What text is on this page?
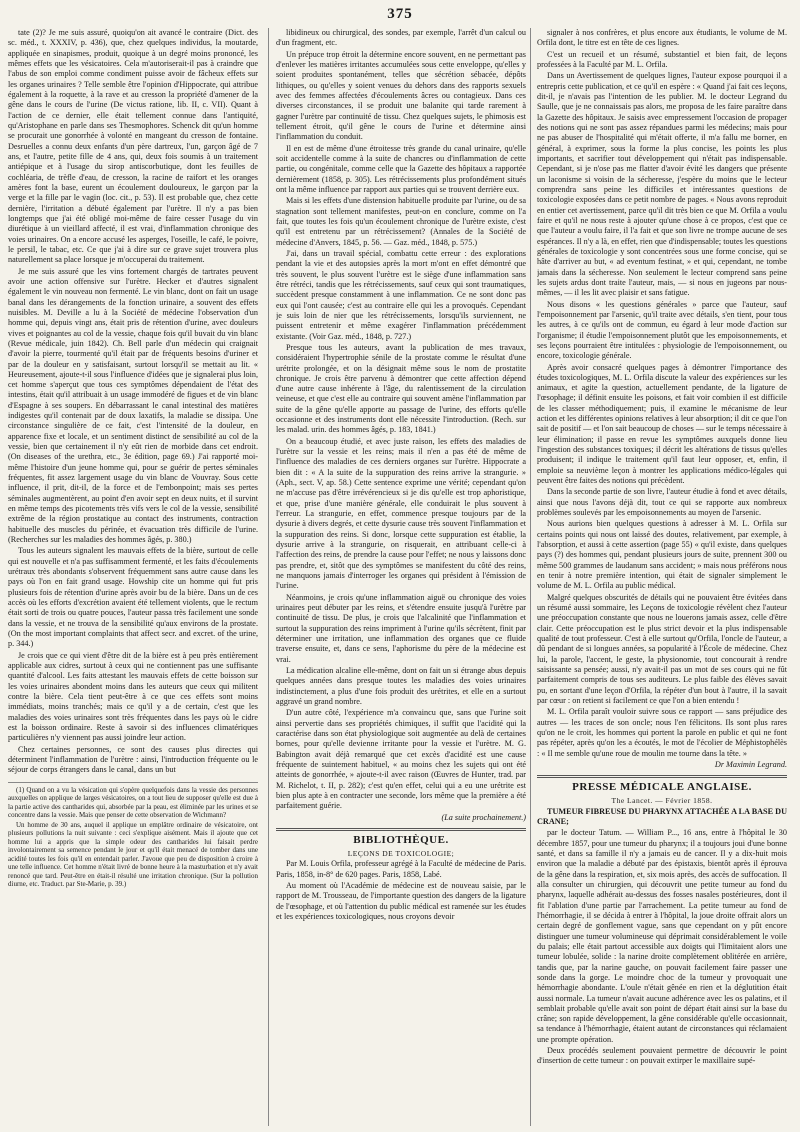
375

tate (2)? Je me suis assuré, quoiqu'on ait avancé le contraire (Dict. des sc. méd., t. XXXIV, p. 436), que, chez quelques individus, la moutarde, appliquée en sinapismes, produit, quoique à un degré moins prononcé, les mêmes effets que les vésicatoires. Cela m'autoriserait-il pas à craindre que l'abus de son emploi comme condiment puisse avoir de fâcheux effets sur les organes urinaires ? Telle semble être l'opinion d'Hippocrate, qui attribue également à la roquette, à la rave et au cresson la propriété d'amener de la gêne dans le cours de l'urine (De victus ratione, lib. II, c. VII). Quant à l'action de ce dernier, elle était tellement connue dans l'antiquité, qu'Aristophane en parle dans ses Thesmophores. Schenck dit qu'un homme se procurait une gonorrhée à volonté en mangeant du cresson de fontaine. Desruelles a connu deux enfants d'un père dartreux, l'un, garçon âgé de 7 ans, et l'autre, petite fille de 4 ans, qui, deux fois soumis à un traitement antiépique et à l'usage du sirop antiscorbutique, dont les feuilles de cochléaria, de trèfle d'eau, de cresson, la racine de raifort et les oranges amères font la base, eurent un écoulement douloureux, le garçon par la verge et la fille par le vagin (loc. cit., p. 53). Il est probable que, chez cette dernière, l'irritation a débuté également par l'urètre. Il n'y a pas bien longtemps que j'ai été obligé moi-même de faire cesser l'usage du vin diurétique à un vieillard affecté, il est vrai, d'inflammation chronique des voies urinaires. On a encore accusé les asperges, l'oseille, le café, le poivre, le persil, le tabac, etc. Ce que j'ai à dire sur ce grave sujet trouvera plus naturellement sa place lorsque je m'occuperai du traitement.

Je me suis assuré que les vins fortement chargés de tartrates peuvent avoir une action offensive sur l'urètre. Hecker et d'autres signalent également le vin nouveau non fermenté. Le vin blanc, dont on fait un usage banal dans les dérangements de la fonction urinaire, a souvent des effets nuisibles. M. Deville a lu à la Société de médecine l'observation d'un homme qui, depuis vingt ans, était pris de rétention d'urine, avec douleurs vives et poignantes au col de la vessie, chaque fois qu'il buvait du vin blanc (Revue médicale, juin 1842). Ch. Bell parle d'un médecin qui craignait d'avoir la pierre, tourmenté qu'il était par de fréquents besoins d'uriner et par de la douleur en y satisfaisant, surtout lorsqu'il se mettait au lit. « Heureusement, ajoute-t-il sous l'influence d'idées que je signalerai plus loin, cet homme s'aperçut que tous ces symptômes dépendaient de l'état des intestins, était qu'il attribuait à un usage immodéré de figues et de vin blanc d'Espagne à ses soupers. En débarrassant le canal intestinal des matières indigestes qu'il contenait par de doux laxatifs, la maladie se dissipa. Une circonstance singulière de ce fait, c'est l'intensité de la douleur, en apparence fixe et locale, et un sentiment distinct de sensibilité au col de la vessie, bien que certainement il n'y eût rien de morbide dans cet endroit. (On diseases of the urethra, etc., 3e édition, page 69.) J'ai rapporté moi-même l'histoire d'un jeune homme qui, pour se guérir de pertes séminales fréquentes, fit assez largement usage du vin blanc de Vouvray. Sous cette influence, il prit, dit-il, de la force et de l'embonpoint; mais ses pertes séminales augmentèrent, au point d'en avoir sept en deux nuits, et il survint en même temps des picotements très vifs vers le col de la vessie, sensibilité extrême de la région prostatique au contact des instruments, contraction habituelle des muscles du périnée, et évacuation très difficile de l'urine. (Recherches sur les maladies des hommes âgés, p. 380.)

Tous les auteurs signalent les mauvais effets de la bière, surtout de celle qui est nouvelle et n'a pas suffisamment fermenté, et les faits d'écoulements urétraux très abondants s'observent fréquemment sans autre cause dans les pays où l'on en fait grand usage. Howship cite un homme qui fut pris plusieurs fois de rétention d'urine après avoir bu de la bière. Dans un de ces accès où les efforts d'excrétion avaient été tellement violents, que le rectum était sorti de trois ou quatre pouces, l'auteur passa très facilement une sonde dans la vessie, et ne trouva de la sensibilité qu'aux environs de la prostate. (On the most important complaints that affect secr. and excret. of the urine, p. 344.)

Je crois que ce qui vient d'être dit de la bière est à peu près entièrement applicable aux cidres, surtout à ceux qui ne contiennent pas une suffisante quantité d'alcool. Les faits attestant les mauvais effets de cette boisson sur les voies urinaires abondent moins dans les auteurs que ceux qui militent contre la bière. Cela tient peut-être à ce que ces effets sont moins immédiats, moins tranchés; mais ce qu'il y a de certain, c'est que les maladies des voies urinaires sont très fréquentes dans les pays où le cidre est la boisson ordinaire. Reste à savoir si des influences climatériques particulières n'y viennent pas aussi joindre leur action.

Chez certaines personnes, ce sont des causes plus directes qui déterminent l'inflammation de l'urètre : ainsi, l'introduction fréquente ou le séjour de corps étrangers dans le canal, dans un but

(1) Quand on a vu la vésication qui s'opère quelquefois dans la vessie des personnes auxquelles on applique de larges vésicatoires, on a tout lieu de supposer qu'elle est due à la partie active des cantharides qui, absorbée par la peau, est éliminée par les urines et se concentre dans la vessie. Mais que penser de cette observation de Wichmann?

Un homme de 30 ans, auquel il applique un emplâtre ordinaire de vésicatoire, ont plusieurs pollutions la nuit suivante : ceci s'explique aisément. Mais il ajoute que cet homme lui a appris que la simple odeur des cantharides lui faisait perdre involontairement sa semence pendant le jour et qu'il était menacé de tomber dans une acidité toutes les fois qu'il en entendait parler. J'avoue que peu de disposition à croire à une telle influence. Cet homme n'était livré de bonne heure à la masturbation et n'y avait renoncé que tard. Peut-être en était-il résulté une irritation chronique. (Sur la pollution diurne, etc. Traduct. par Ste-Marie, p. 39.)

libidineux ou chirurgical, des sondes, par exemple, l'arrêt d'un calcul ou d'un fragment, etc.

Un prépuce trop étroit la détermine encore souvent, en ne permettant pas d'enlever les matières irritantes accumulées sous cette enveloppe, qu'elles y soient produites spontanément, telles que sécrétion sébacée, dépôts lithiques, ou qu'elles y soient venues du dehors dans des rapports sexuels avec des femmes affectées d'écoulements âcres ou contagieux. Dans ces diverses circonstances, il se produit une balanite qui tarde rarement à gagner l'urètre par continuité de tissu. Chez quelques sujets, le phimosis est tellement étroit, qu'il gêne le cours de l'urine et détermine ainsi l'inflammation du conduit.

Il en est de même d'une étroitesse très grande du canal urinaire, qu'elle soit accidentelle comme à la suite de chancres ou d'inflammation de cette partie, ou congénitale, comme celle que la Gazette des hôpitaux a rapportée dernièrement (1858, p. 305). Les rétrécissements plus profondément situés ont la même influence par rapport aux parties qui se trouvent derrière eux.

Mais si les effets d'une distension habituelle produite par l'urine, ou de sa stagnation sont tellement manifestes, peut-on en conclure, comme on l'a fait, que toutes les fois qu'un écoulement chronique de l'urètre existe, c'est qu'il est entretenu par un rétrécissement? (Annales de la Société de médecine d'Anvers, 1845, p. 56. — Gaz. méd., 1848, p. 575.)

J'ai, dans un travail spécial, combattu cette erreur : des explorations pendant la vie et des autopsies après la mort m'ont en effet démontré que très souvent, le plus souvent l'urètre est le siège d'une inflammation sans être rétréci, tandis que les rétrécissements, sauf ceux qui sont traumatiques, succèdent presque constamment à une inflammation. Ce ne sont donc pas eux qui l'ont causée; c'est au contraire elle qui les a provoqués. Cependant je suis loin de nier que les rétrécissements, lorsqu'ils surviennent, ne puissent entretenir et même exagérer l'inflammation précédemment existante. (Voir Gaz. méd., 1848, p. 727.)

Presque tous les auteurs, avant la publication de mes travaux, considéraient l'hypertrophie sénile de la prostate comme le résultat d'une urétrite prolongée, et on la désignait même sous le nom de prostatite chronique. Je crois être parvenu à démontrer que cette affection dépend d'une autre cause inhérente à l'âge, du ralentissement de la circulation veineuse, et que c'est elle au contraire qui souvent amène l'inflammation par suite de la gêne qu'elle apporte au passage de l'urine, des efforts qu'elle occasionne et des instruments dont elle nécessite l'introduction. (Rech. sur les malad. urin. des hommes âgés, p. 183, 1841.)

On a beaucoup étudié, et avec juste raison, les effets des maladies de l'urètre sur la vessie et les reins; mais il n'en a pas été de même de l'influence des maladies de ces derniers organes sur l'urètre. Hippocrate a bien dit : « A la suite de la suppuration des reins arrive la strangurie. » (Aph., sect. V, ap. 58.) Cette sentence exprime une vérité; cependant qu'on ne m'accuse pas d'être irrévérencieux si je dis qu'elle est trop aphoristique, et que, prise d'une manière générale, elle conduirait le plus souvent à l'erreur. La strangurie, en effet, commence presque toujours par de la dysurie à divers degrés, et cette dysurie cause très souvent l'inflammation et la suppuration des reins. Si donc, lorsque cette suppuration est établie, la dysurie arrive à la strangurie, on risquerait, en attribuant celle-ci à l'affection des reins, de prendre la cause pour l'effet; ne nous y laissons donc pas prendre, et, sitôt que des symptômes se manifestent du côté des reins, ne manquons jamais d'interroger les organes qui président à l'émission de l'urine.

Néanmoins, je crois qu'une inflammation aiguë ou chronique des voies urinaires peut débuter par les reins, et s'étendre ensuite jusqu'à l'urètre par continuité de tissu. De plus, je crois que l'alcalinité que l'inflammation et surtout la suppuration des reins impriment à l'urine qu'ils sécrètent, finit par déterminer une irritation, une inflammation des organes que ce fluide traverse ensuite, et, dans ce sens, l'aphorisme du père de la médecine est vrai.

La médication alcaline elle-même, dont on fait un si étrange abus depuis quelques années dans presque toutes les maladies des voies urinaires indistinctement, a plus d'une fois produit des urétrites, et elle en a surtout aggravé un grand nombre.

D'un autre côté, l'expérience m'a convaincu que, sans que l'urine soit ainsi pervertie dans ses propriétés chimiques, il suffit que l'acidité qui la caractérise dans son état physiologique soit augmentée au delà de certaines bornes, pour qu'elle devienne irritante pour la vessie et l'urètre. M. G. Babington avait déjà remarqué que cet excès d'acidité est une cause fréquente de suintement habituel, « au moins chez les sujets qui ont été atteints de gonorrhée, » ajoute-t-il avec raison (Œuvres de Hunter, trad. par M. Richelot, t. II, p. 282); c'est qu'en effet, celui qui a eu une urétrite est bien plus apte à en contracter une seconde, lors même que la première a été parfaitement guérie.

(La suite prochainement.)

BIBLIOTHÈQUE.

LEÇONS DE TOXICOLOGIE;

Par M. Louis Orfila, professeur agrégé à la Faculté de médecine de Paris. Paris, 1858, in-8° de 620 pages. Paris, 1858, Labé.

Au moment où l'Académie de médecine est de nouveau saisie, par le rapport de M. Trousseau, de l'importante question des dangers de la ligature de l'œsophage, et où l'attention du public médical est ramenée sur les études et les expériences toxicologiques, nous croyons devoir

signaler à nos confrères, et plus encore aux étudiants, le volume de M. Orfila dont, le titre est en tête de ces lignes.

C'est un recueil et un résumé, substantiel et bien fait, de leçons professées à la Faculté par M. L. Orfila.

Dans un Avertissement de quelques lignes, l'auteur expose pourquoi il a entrepris cette publication, et ce qu'il en espère : « Quand j'ai fait ces leçons, dit-il, je n'avais pas l'intention de les publier. M. le docteur Legrand du Saulle, que je ne connaissais pas alors, me proposa de les faire paraître dans la Gazette des hôpitaux. Je saisis avec empressement l'occasion de propager des notions qui ne sont pas assez répandues parmi les médecins; mais pour ne pas abuser de l'hospitalité qui m'était offerte, il m'a fallu me borner, en général, à exprimer, sous la forme la plus concise, les points les plus importants, et sacrifier tout développement qui n'était pas indispensable. Cependant, si je n'ose pas me flatter d'avoir évité les dangers que présente un laconisme si voisin de la sécheresse, j'espère du moins que le lecteur comprendra sans peine les difficiles et intéressantes questions de toxicologie exposées dans ce petit nombre de pages. « Nous avons reproduit en entier cet avertissement, parce qu'il dit très bien ce que M. Orfila a voulu faire et qu'il ne nous reste à ajouter qu'une chose à ce propos, c'est que ce que l'auteur a voulu faire, il l'a fait et que son livre ne trompe aucune de ses espérances. Il n'y a là, en effet, rien que d'indispensable; toutes les questions générales de toxicologie y sont concentrées sous une forme concise, qui se hâte d'arriver au but, « ad eventum festinat, » et qui, cependant, ne tombe jamais dans la sécheresse. Non seulement le lecteur comprend sans peine les sujets ardus dont traite l'auteur, mais, — si nous en jugeons par nous-mêmes, — il les lit avec plaisir et sans fatigue.

Nous disons « les questions générales » parce que l'auteur, sauf l'empoisonnement par l'arsenic, qu'il traite avec détails, s'en tient, pour tous les autres, à ce qu'ils ont de commun, eu égard à leur mode d'action sur l'organisme; il étudie l'empoisonnement plutôt que les empoisonnements, et ses leçons pourraient être intitulées : physiologie de l'empoisonnement, ou encore, toxicologie générale.

Après avoir consacré quelques pages à démontrer l'importance des études toxicologiques, M. L. Orfila discute la valeur des expériences sur les animaux, et agite la question, actuellement pendante, de la ligature de l'œsophage; il définit ensuite les poisons, et fait voir combien il est difficile de les classer méthodiquement; puis, il examine le mécanisme de leur action et les différentes opinions relatives à leur absorption; il dit ce que l'on sait de positif — et l'on sait beaucoup de choses — sur le temps nécessaire à leur élimination; il passe en revue les symptômes auxquels donne lieu l'ingestion des substances toxiques; il décrit les altérations de tissus qu'elles produisent; il indique le traitement qu'il faut leur opposer, et, enfin, il emploie sa neuvième leçon à montrer les applications médico-légales qui peuvent être faites des notions qui précèdent.

Dans la seconde partie de son livre, l'auteur étudie à fond et avec détails, ainsi que nous l'avons déjà dit, tout ce qui se rapporte aux nombreux problèmes soulevés par les empoisonnements au moyen de l'arsenic.

Nous aurions bien quelques questions à adresser à M. L. Orfila sur certains points qui nous ont laissé des doutes, relativement, par exemple, à l'absorption, et aussi à cette assertion (page 55) « qu'il existe, dans quelques pays (?) des hommes qui, pendant plusieurs jours de suite, prennent 300 ou même 500 grammes de laudanum sans accident; » mais nous préférons nous en tenir à notre première intention, qui était de signaler simplement le volume de M. L. Orfila au public médical.

Malgré quelques obscurités de détails qui ne pouvaient être évitées dans un résumé aussi sommaire, les Leçons de toxicologie révèlent chez l'auteur une préoccupation constante que nous ne louerons jamais assez, celle d'être clair. Cette préoccupation est le plus strict devoir et la plus indispensable qualité de tout professeur. C'est à elle surtout qu'Orfila, l'oncle de l'auteur, a dû pendant de si longues années, sa popularité à l'École de médecine. Chez lui, la parole, l'accent, le geste, la physionomie, tout concourait à rendre saisissante sa pensée; aussi, n'y avait-il pas un mot de ses cours qui ne fût parfaitement compris de tous ses auditeurs. Le plus faible des élèves savait pu, en sortant d'une leçon d'Orfila, la répéter d'un bout à l'autre, il la savait par cœur : on retient si facilement ce que l'on a bien entendu !

M. L. Orfila paraît vouloir suivre sous ce rapport — sans préjudice des autres — les traces de son oncle; nous l'en félicitons. Ils sont plus rares qu'on ne le croit, les hommes qui portent la parole en public et qui ne font pas répéter, après qu'on les a écoutés, le mot de l'écolier de Méphistophélès : « Il me semble qu'une roue de moulin me tourne dans la tête. »

Dr Maximin Legrand.

PRESSE MÉDICALE ANGLAISE.

The Lancet. — Février 1858.

TUMEUR FIBREUSE DU PHARYNX ATTACHÉE A LA BASE DU CRANE;

par le docteur Tatum. — William P..., 16 ans, entre à l'hôpital le 30 décembre 1857, pour une tumeur du pharynx; il a toujours joui d'une bonne santé, et dans sa famille il n'y a jamais eu de cancer. Il y a dix-huit mois environ que la maladie a débuté par des épistaxis, bientôt après il éprouva de la gêne dans la respiration, et, six mois après, des accès de suffocation. Il alla consulter un chirurgien, qui découvrit une petite tumeur au fond du pharynx, laquelle adhérait au-dessus des fosses nasales postérieures, dont il fit l'ablation d'une partie par l'arrachement. La petite tumeur au fond de l'hémorrhagie, il se décida à entrer à l'hôpital, la joue droite offrait alors un certain degré de gonflement vague, sans que cependant on y pût encore distinguer une tumeur volumineuse qui déprimait considérablement le voile du palais; elle était partout accessible aux doigts qui l'limitaient alors une tumeur lobulée, solide : la narine droite complètement oblitérée en arrière, tandis que, par la narine gauche, on pouvait facilement faire passer une sonde dans la gorge. Le moindre choc de la tumeur y provoquait une hémorrhagie abondante. L'oule n'était gênée en rien et la déglutition était aussi normale. La tumeur n'avait aucune adhérence avec les os palatins, et il semblait probable qu'elle avait son point de départ était ainsi sur la base du crâne; son rapide développement, la gêne considérable qu'elle occasionnait, sa tendance à l'hémorrhagie, étaient autant de circonstances qui réclamaient une prompte opération.

Deux procédés seulement pouvaient permettre de découvrir le point d'insertion de cette tumeur : on pouvait extirper le maxillaire supé-
